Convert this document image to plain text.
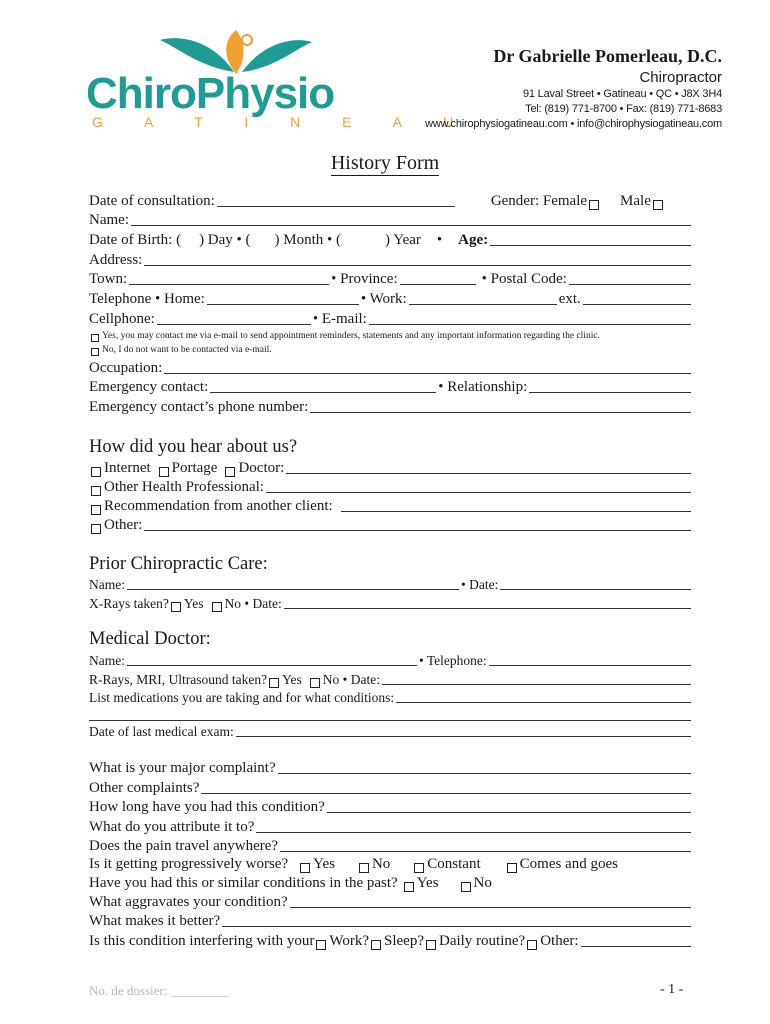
ChiroPhysio
G A T I N E A U
Dr Gabrielle Pomerleau, D.C.
Chiropractor
91 Laval Street • Gatineau • QC • J8X 3H4
Tel: (819) 771-8700 • Fax: (819) 771-8683
www.chirophysiogatineau.com • info@chirophysiogatineau.com
History Form
Date of consultation:	Gender: Female Male
Name:
Date of Birth: ( ) Day • ( ) Month • (	) Year • Age:
Address:
Town:	• Province:	• Postal Code:
Telephone • Home:	• Work:	ext.
Cellphone:	• E-mail:
Yes, you may contact me via e-mail to send appointment reminders, statements and any important information regarding the clinic.
No, I do not want to be contacted via e-mail.
Occupation:
Emergency contact:	• Relationship:
Emergency contact’s phone number:
How did you hear about us?
Internet Portage Doctor:
Other Health Professional:
Recommendation from another client:
Other:
Prior Chiropractic Care:
Name:	• Date:
X-Rays taken? Yes No • Date:
Medical Doctor:
Name:	• Telephone:
R-Rays, MRI, Ultrasound taken? Yes No • Date:
List medications you are taking and for what conditions:
Date of last medical exam:
What is your major complaint?
Other complaints?
How long have you had this condition?
What do you attribute it to?
Does the pain travel anywhere?
Is it getting progressively worse? Yes No Constant	Comes and goes
Have you had this or similar conditions in the past? Yes No
What aggravates your condition?
What makes it better?
Is this condition interfering with your Work? Sleep? Daily routine? Other:
No. de dossier: _________	- 1 -
